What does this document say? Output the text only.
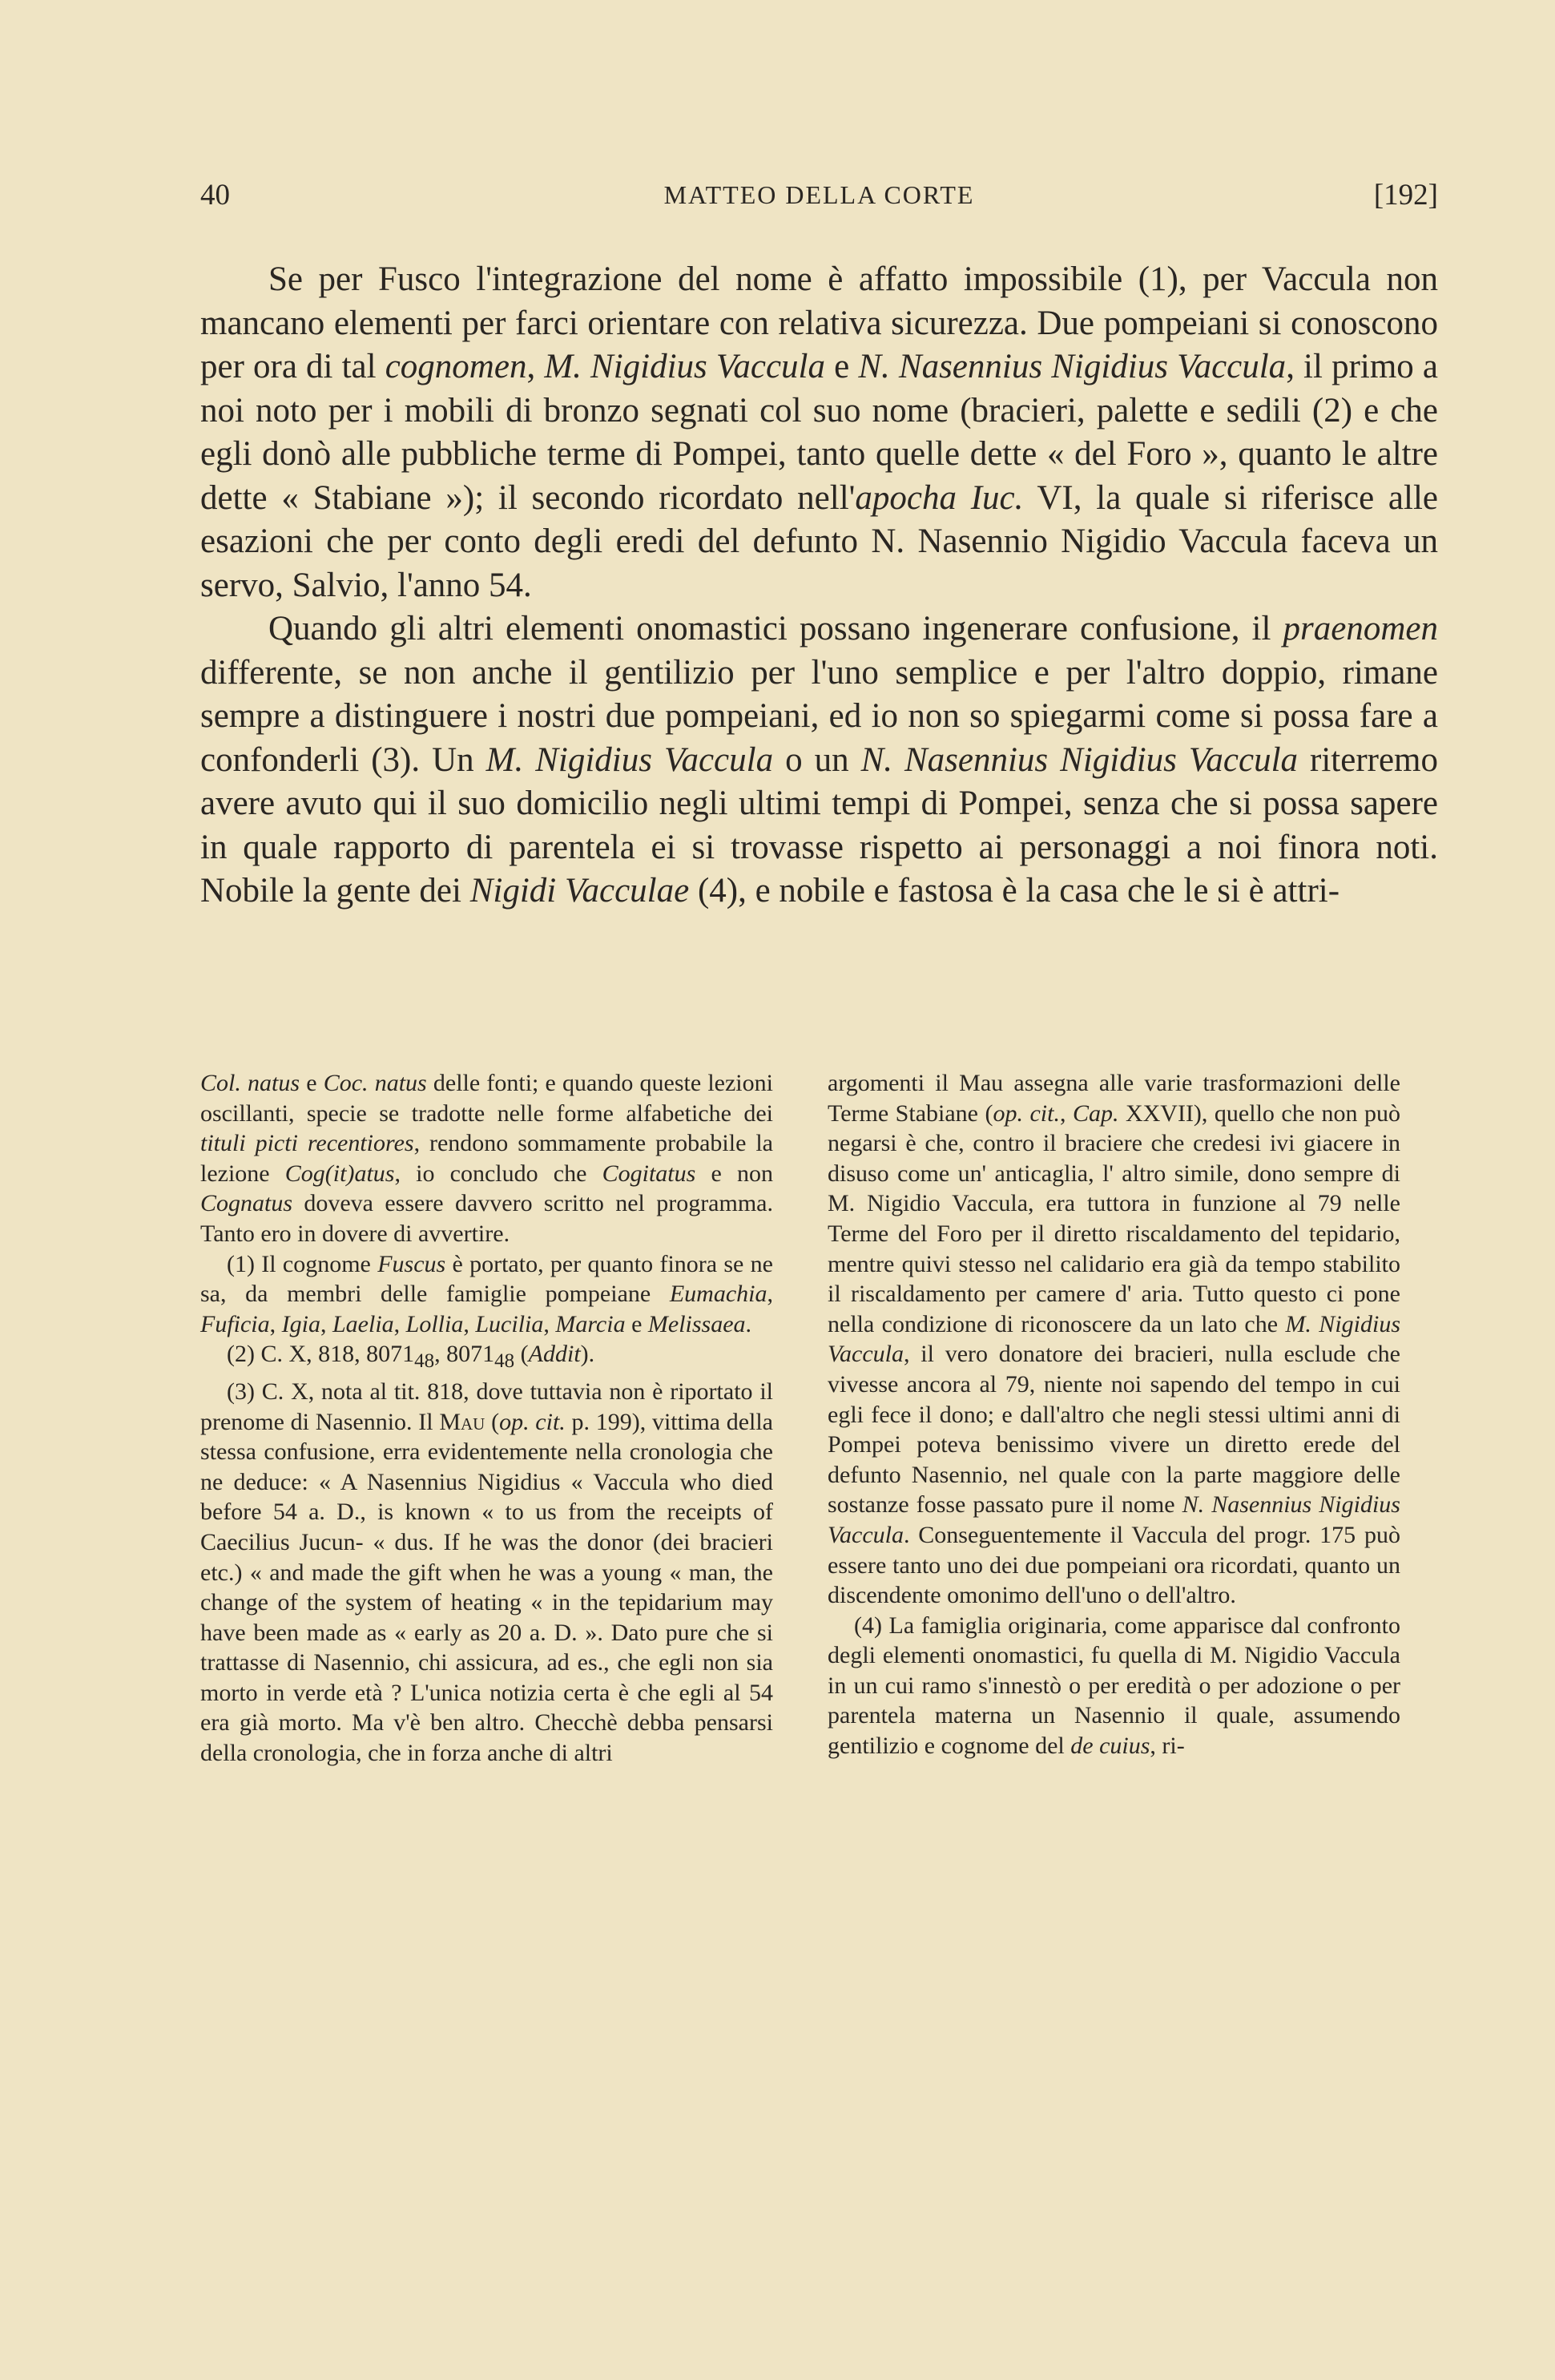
40	MATTEO DELLA CORTE	[192]

Se per Fusco l'integrazione del nome è affatto impossibile (1), per Vaccula non mancano elementi per farci orientare con relativa sicurezza. Due pompeiani si conoscono per ora di tal cognomen, M. Nigidius Vaccula e N. Nasennius Nigidius Vaccula, il primo a noi noto per i mobili di bronzo segnati col suo nome (bracieri, palette e sedili (2) e che egli donò alle pubbliche terme di Pompei, tanto quelle dette « del Foro », quanto le altre dette « Stabiane »); il secondo ricordato nell'apocha Iuc. VI, la quale si riferisce alle esazioni che per conto degli eredi del defunto N. Nasennio Nigidio Vaccula faceva un servo, Salvio, l'anno 54.

Quando gli altri elementi onomastici possano ingenerare confusione, il praenomen differente, se non anche il gentilizio per l'uno semplice e per l'altro doppio, rimane sempre a distinguere i nostri due pompeiani, ed io non so spiegarmi come si possa fare a confonderli (3). Un M. Nigidius Vaccula o un N. Nasennius Nigidius Vaccula riterremo avere avuto qui il suo domicilio negli ultimi tempi di Pompei, senza che si possa sapere in quale rapporto di parentela ei si trovasse rispetto ai personaggi a noi finora noti. Nobile la gente dei Nigidi Vacculae (4), e nobile e fastosa è la casa che le si è attri-

Col. natus e Coc. natus delle fonti; e quando queste lezioni oscillanti, specie se tradotte nelle forme alfabetiche dei tituli picti recentiores, rendono sommamente probabile la lezione Cog(it)atus, io concludo che Cogitatus e non Cognatus doveva essere davvero scritto nel programma. Tanto ero in dovere di avvertire.

(1) Il cognome Fuscus è portato, per quanto finora se ne sa, da membri delle famiglie pompeiane Eumachia, Fuficia, Igia, Laelia, Lollia, Lucilia, Marcia e Melissaea.

(2) C. X, 818, $8071_{48}$, $8071_{48}$ (Addit).

(3) C. X, nota al tit. 818, dove tuttavia non è riportato il prenome di Nasennio. Il Mau (op. cit. p. 199), vittima della stessa confusione, erra evidentemente nella cronologia che ne deduce: « A Nasennius Nigidius « Vaccula who died before 54 a. D., is known « to us from the receipts of Caecilius Jucun- « dus. If he was the donor (dei bracieri etc.) « and made the gift when he was a young « man, the change of the system of heating « in the tepidarium may have been made as « early as 20 a. D. ». Dato pure che si trattasse di Nasennio, chi assicura, ad es., che egli non sia morto in verde età ? L'unica notizia certa è che egli al 54 era già morto. Ma v'è ben altro. Checchè debba pensarsi della cronologia, che in forza anche di altri

argomenti il Mau assegna alle varie trasformazioni delle Terme Stabiane (op. cit., Cap. XXVII), quello che non può negarsi è che, contro il braciere che credesi ivi giacere in disuso come un' anticaglia, l' altro simile, dono sempre di M. Nigidio Vaccula, era tuttora in funzione al 79 nelle Terme del Foro per il diretto riscaldamento del tepidario, mentre quivi stesso nel calidario era già da tempo stabilito il riscaldamento per camere d' aria. Tutto questo ci pone nella condizione di riconoscere da un lato che M. Nigidius Vaccula, il vero donatore dei bracieri, nulla esclude che vivesse ancora al 79, niente noi sapendo del tempo in cui egli fece il dono; e dall'altro che negli stessi ultimi anni di Pompei poteva benissimo vivere un diretto erede del defunto Nasennio, nel quale con la parte maggiore delle sostanze fosse passato pure il nome N. Nasennius Nigidius Vaccula. Conseguentemente il Vaccula del progr. 175 può essere tanto uno dei due pompeiani ora ricordati, quanto un discendente omonimo dell'uno o dell'altro.

(4) La famiglia originaria, come apparisce dal confronto degli elementi onomastici, fu quella di M. Nigidio Vaccula in un cui ramo s'innestò o per eredità o per adozione o per parentela materna un Nasennio il quale, assumendo gentilizio e cognome del de cuius, ri-
